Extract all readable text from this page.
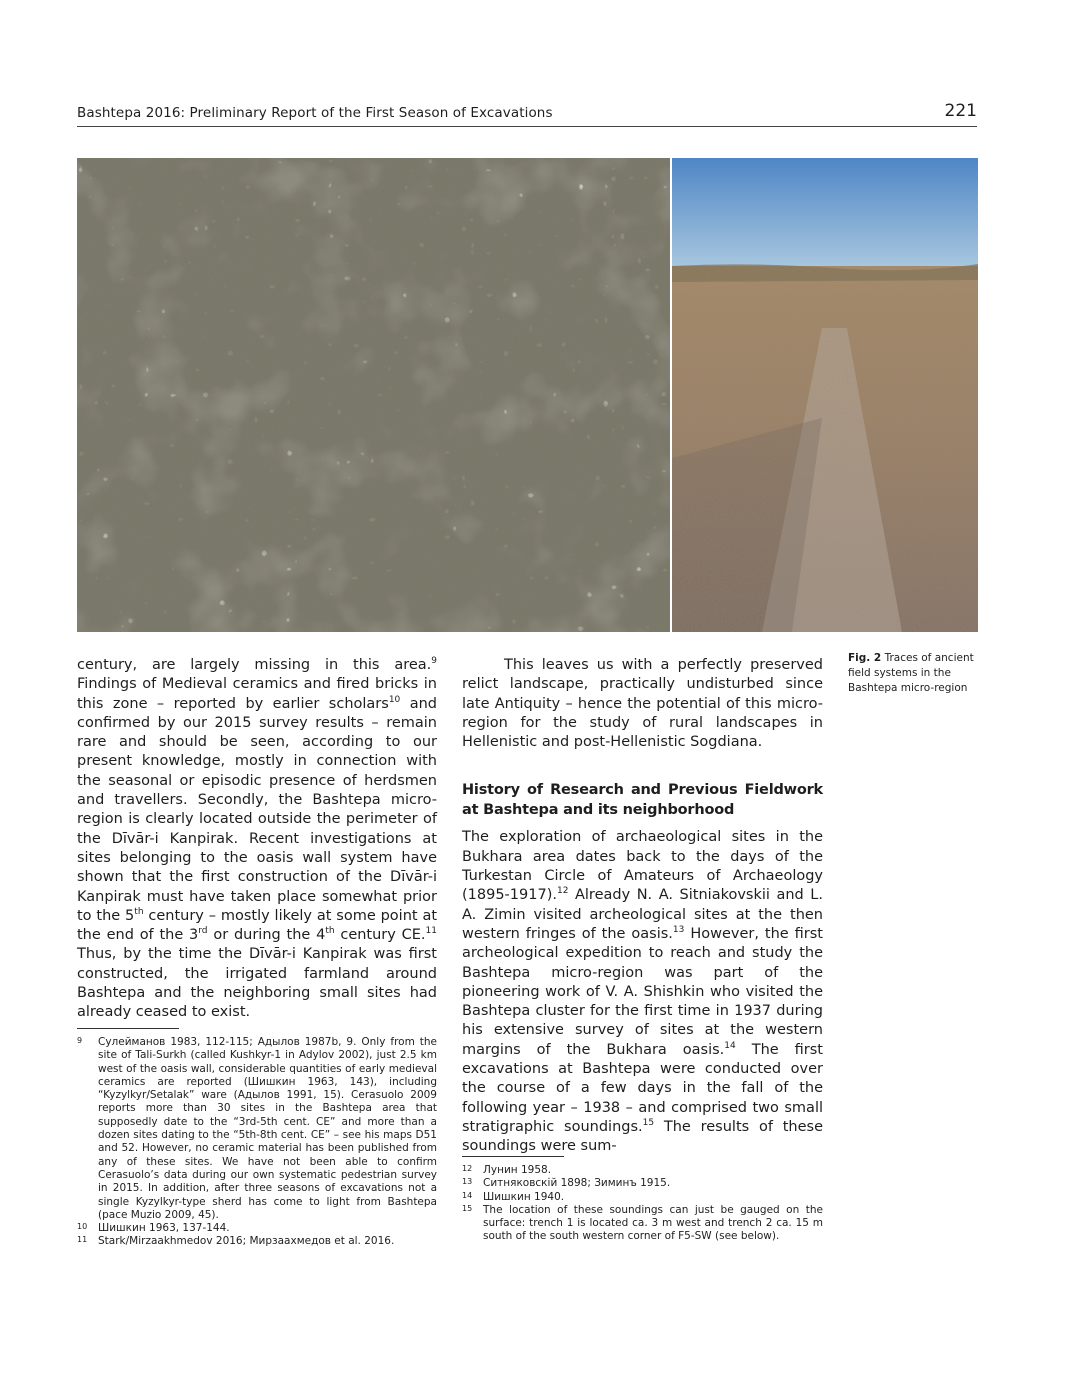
Bashtepa 2016: Preliminary Report of the First Season of Excavations	221
Fig. 2 Traces of ancient field systems in the Bashtepa micro-region

century, are largely missing in this area.$^9$ Findings of Medieval ceramics and fired bricks in this zone – reported by earlier scholars$^{10}$ and confirmed by our 2015 survey results – remain rare and should be seen, according to our present knowledge, mostly in connection with the seasonal or episodic presence of herdsmen and travellers. Secondly, the Bashtepa micro-region is clearly located outside the perimeter of the Dīvār-i Kanpirak. Recent investigations at sites belonging to the oasis wall system have shown that the first construction of the Dīvār-i Kanpirak must have taken place somewhat prior to the 5th century – mostly likely at some point at the end of the 3rd or during the 4th century CE.$^{11}$ Thus, by the time the Dīvār-i Kanpirak was first constructed, the irrigated farmland around Bashtepa and the neighboring small sites had already ceased to exist.

This leaves us with a perfectly preserved relict landscape, practically undisturbed since late Antiquity – hence the potential of this micro-region for the study of rural landscapes in Hellenistic and post-Hellenistic Sogdiana.

History of Research and Previous Fieldwork at Bashtepa and its neighborhood

The exploration of archaeological sites in the Bukhara area dates back to the days of the Turkestan Circle of Amateurs of Archaeology (1895-1917).$^{12}$ Already N. A. Sitniakovskii and L. A. Zimin visited archeological sites at the then western fringes of the oasis.$^{13}$ However, the first archeological expedition to reach and study the Bashtepa micro-region was part of the pioneering work of V. A. Shishkin who visited the Bashtepa cluster for the first time in 1937 during his extensive survey of sites at the western margins of the Bukhara oasis.$^{14}$ The first excavations at Bashtepa were conducted over the course of a few days in the fall of the following year – 1938 – and comprised two small stratigraphic soundings.$^{15}$ The results of these soundings were sum-

9 Сулейманов 1983, 112-115; Адылов 1987b, 9. Only from the site of Tali-Surkh (called Kushkyr-1 in Adylov 2002), just 2.5 km west of the oasis wall, considerable quantities of early medieval ceramics are reported (Шишкин 1963, 143), including “Kyzylkyr/Setalak” ware (Адылов 1991, 15). Cerasuolo 2009 reports more than 30 sites in the Bashtepa area that supposedly date to the “3rd-5th cent. CE” and more than a dozen sites dating to the “5th-8th cent. CE” – see his maps D51 and 52. However, no ceramic material has been published from any of these sites. We have not been able to confirm Cerasuolo’s data during our own systematic pedestrian survey in 2015. In addition, after three seasons of excavations not a single Kyzylkyr-type sherd has come to light from Bashtepa (pace Muzio 2009, 45).
10 Шишкин 1963, 137-144.
11 Stark/Mirzaakhmedov 2016; Мирзаахмедов et al. 2016.
12 Лунин 1958.
13 Ситняковскій 1898; Зиминъ 1915.
14 Шишкин 1940.
15 The location of these soundings can just be gauged on the surface: trench 1 is located ca. 3 m west and trench 2 ca. 15 m south of the south western corner of F5-SW (see below).
